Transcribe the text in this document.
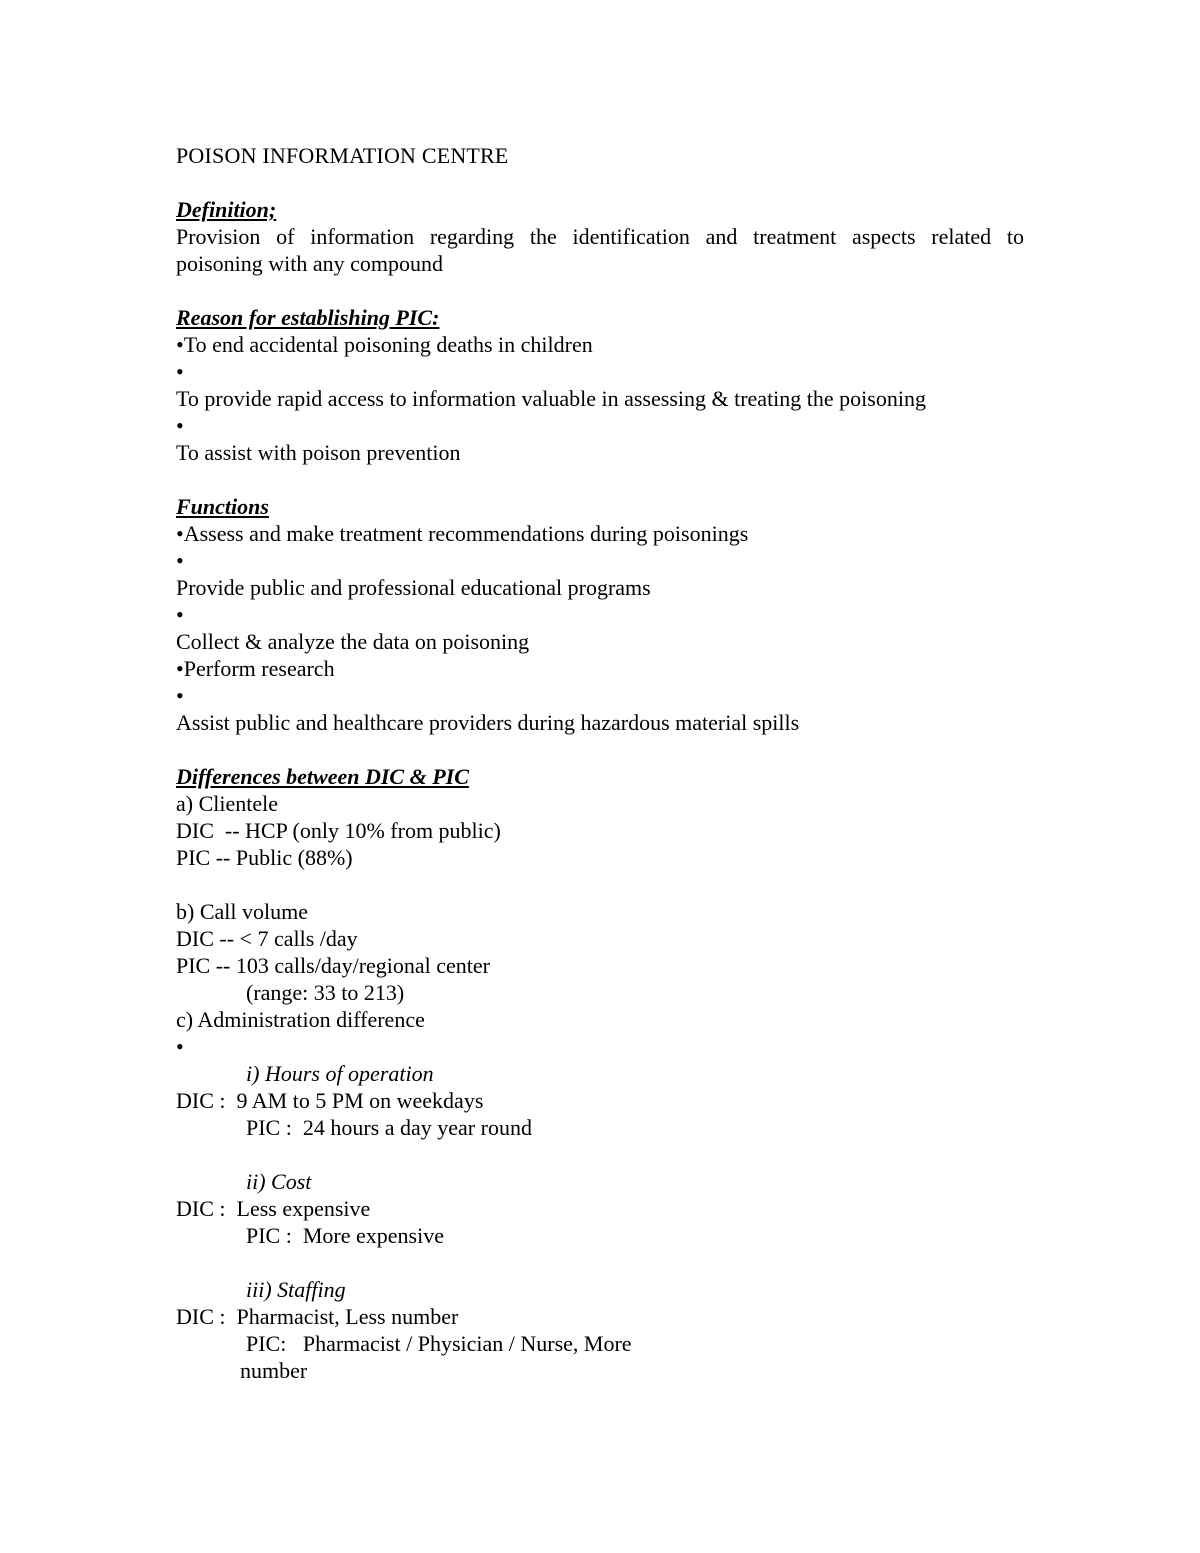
POISON INFORMATION CENTRE
Definition;
Provision of information regarding the identification and treatment aspects related to
poisoning with any compound
Reason for establishing PIC:
•To end accidental poisoning deaths in children
•
To provide rapid access to information valuable in assessing & treating the poisoning
•
To assist with poison prevention
Functions
•Assess and make treatment recommendations during poisonings
•
Provide public and professional educational programs
•
Collect & analyze the data on poisoning
•Perform research
•
Assist public and healthcare providers during hazardous material spills
Differences between DIC & PIC
a) Clientele
DIC  -- HCP (only 10% from public)
PIC -- Public (88%)
b) Call volume
DIC -- < 7 calls /day
PIC -- 103 calls/day/regional center
(range: 33 to 213)
c) Administration difference
•
i) Hours of operation
DIC :  9 AM to 5 PM on weekdays
PIC :  24 hours a day year round
ii) Cost
DIC :  Less expensive
PIC :  More expensive
iii) Staffing
DIC :  Pharmacist, Less number
PIC:   Pharmacist / Physician / Nurse, More
number
